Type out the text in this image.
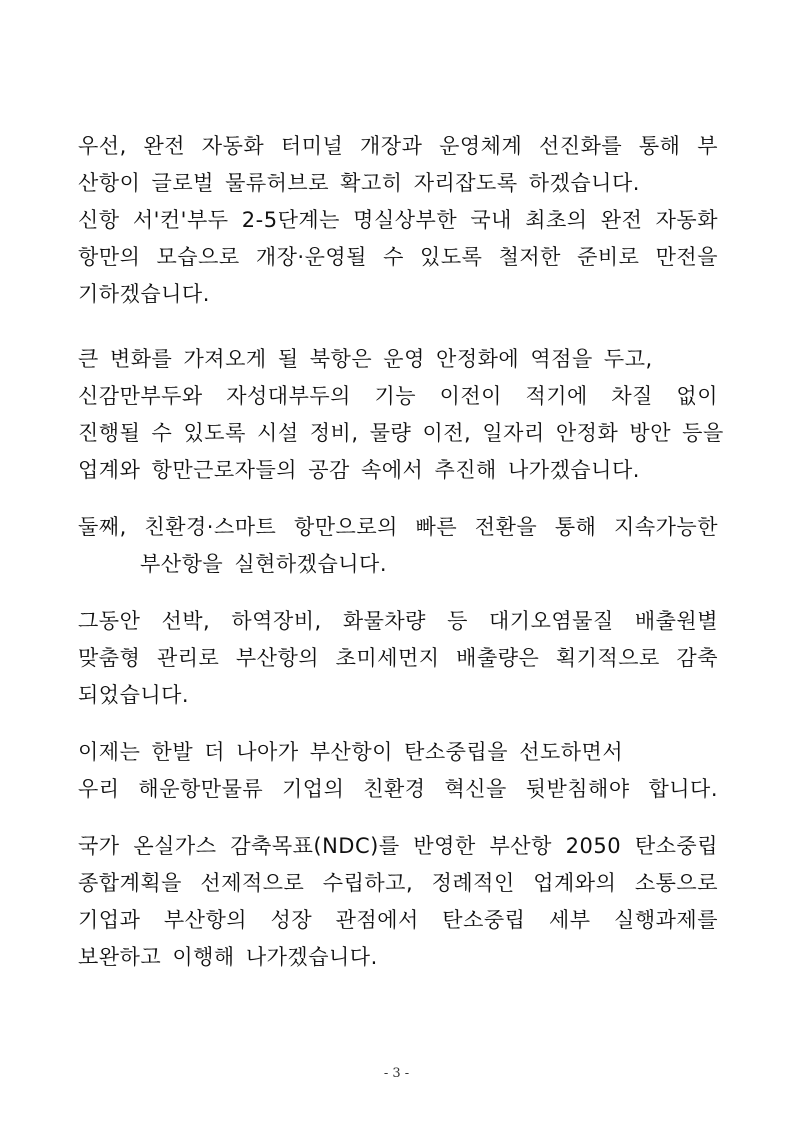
우선, 완전 자동화 터미널 개장과 운영체계 선진화를 통해 부
산항이 글로벌 물류허브로 확고히 자리잡도록 하겠습니다.

신항 서'컨'부두 2-5단계는 명실상부한 국내 최초의 완전 자동화
항만의 모습으로 개장·운영될 수 있도록 철저한 준비로 만전을
기하겠습니다.

큰 변화를 가져오게 될 북항은 운영 안정화에 역점을 두고,
신감만부두와 자성대부두의 기능 이전이 적기에 차질 없이
진행될 수 있도록 시설 정비, 물량 이전, 일자리 안정화 방안 등을
업계와 항만근로자들의 공감 속에서 추진해 나가겠습니다.

둘째, 친환경·스마트 항만으로의 빠른 전환을 통해 지속가능한
부산항을 실현하겠습니다.

그동안 선박, 하역장비, 화물차량 등 대기오염물질 배출원별
맞춤형 관리로 부산항의 초미세먼지 배출량은 획기적으로 감축
되었습니다.

이제는 한발 더 나아가 부산항이 탄소중립을 선도하면서
우리 해운항만물류 기업의 친환경 혁신을 뒷받침해야 합니다.

국가 온실가스 감축목표(NDC)를 반영한 부산항 2050 탄소중립
종합계획을 선제적으로 수립하고, 정례적인 업계와의 소통으로
기업과 부산항의 성장 관점에서 탄소중립 세부 실행과제를
보완하고 이행해 나가겠습니다.

- 3 -
